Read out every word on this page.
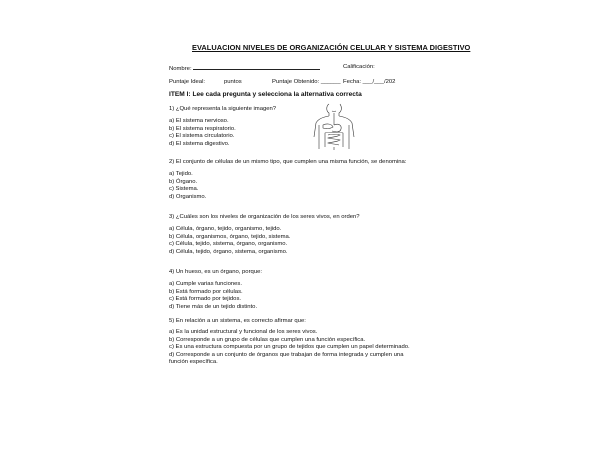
EVALUACION NIVELES DE ORGANIZACIÓN CELULAR Y SISTEMA DIGESTIVO
Nombre:	Calificación:
Puntaje Ideal:	puntos	Puntaje Obtenido: ______ Fecha: ___/___/202
ITEM I: Lee cada pregunta y selecciona la alternativa correcta
1) ¿Qué representa la siguiente imagen?
a) El sistema nervioso.
b) El sistema respiratorio.
c) El sistema circulatorio.
d) El sistema digestivo.
2) El conjunto de células de un mismo tipo, que cumplen una misma función, se denomina:
a) Tejido.
b) Órgano.
c) Sistema.
d) Organismo.
3) ¿Cuáles son los niveles de organización de los seres vivos, en orden?
a) Célula, órgano, tejido, organismo, tejido.
b) Célula, organismos, órgano, tejido, sistema.
c) Célula, tejido, sistema, órgano, organismo.
d) Célula, tejido, órgano, sistema, organismo.
4) Un hueso, es un órgano, porque:
a) Cumple varias funciones.
b) Está formado por células.
c) Está formado por tejidos.
d) Tiene más de un tejido distinto.
5) En relación a un sistema, es correcto afirmar que:
a) Es la unidad estructural y funcional de los seres vivos.
b) Corresponde a un grupo de células que cumplen una función específica.
c) Es una estructura compuesta por un grupo de tejidos que cumplen un papel determinado.
d) Corresponde a un conjunto de órganos que trabajan de forma integrada y cumplen una
función específica.
